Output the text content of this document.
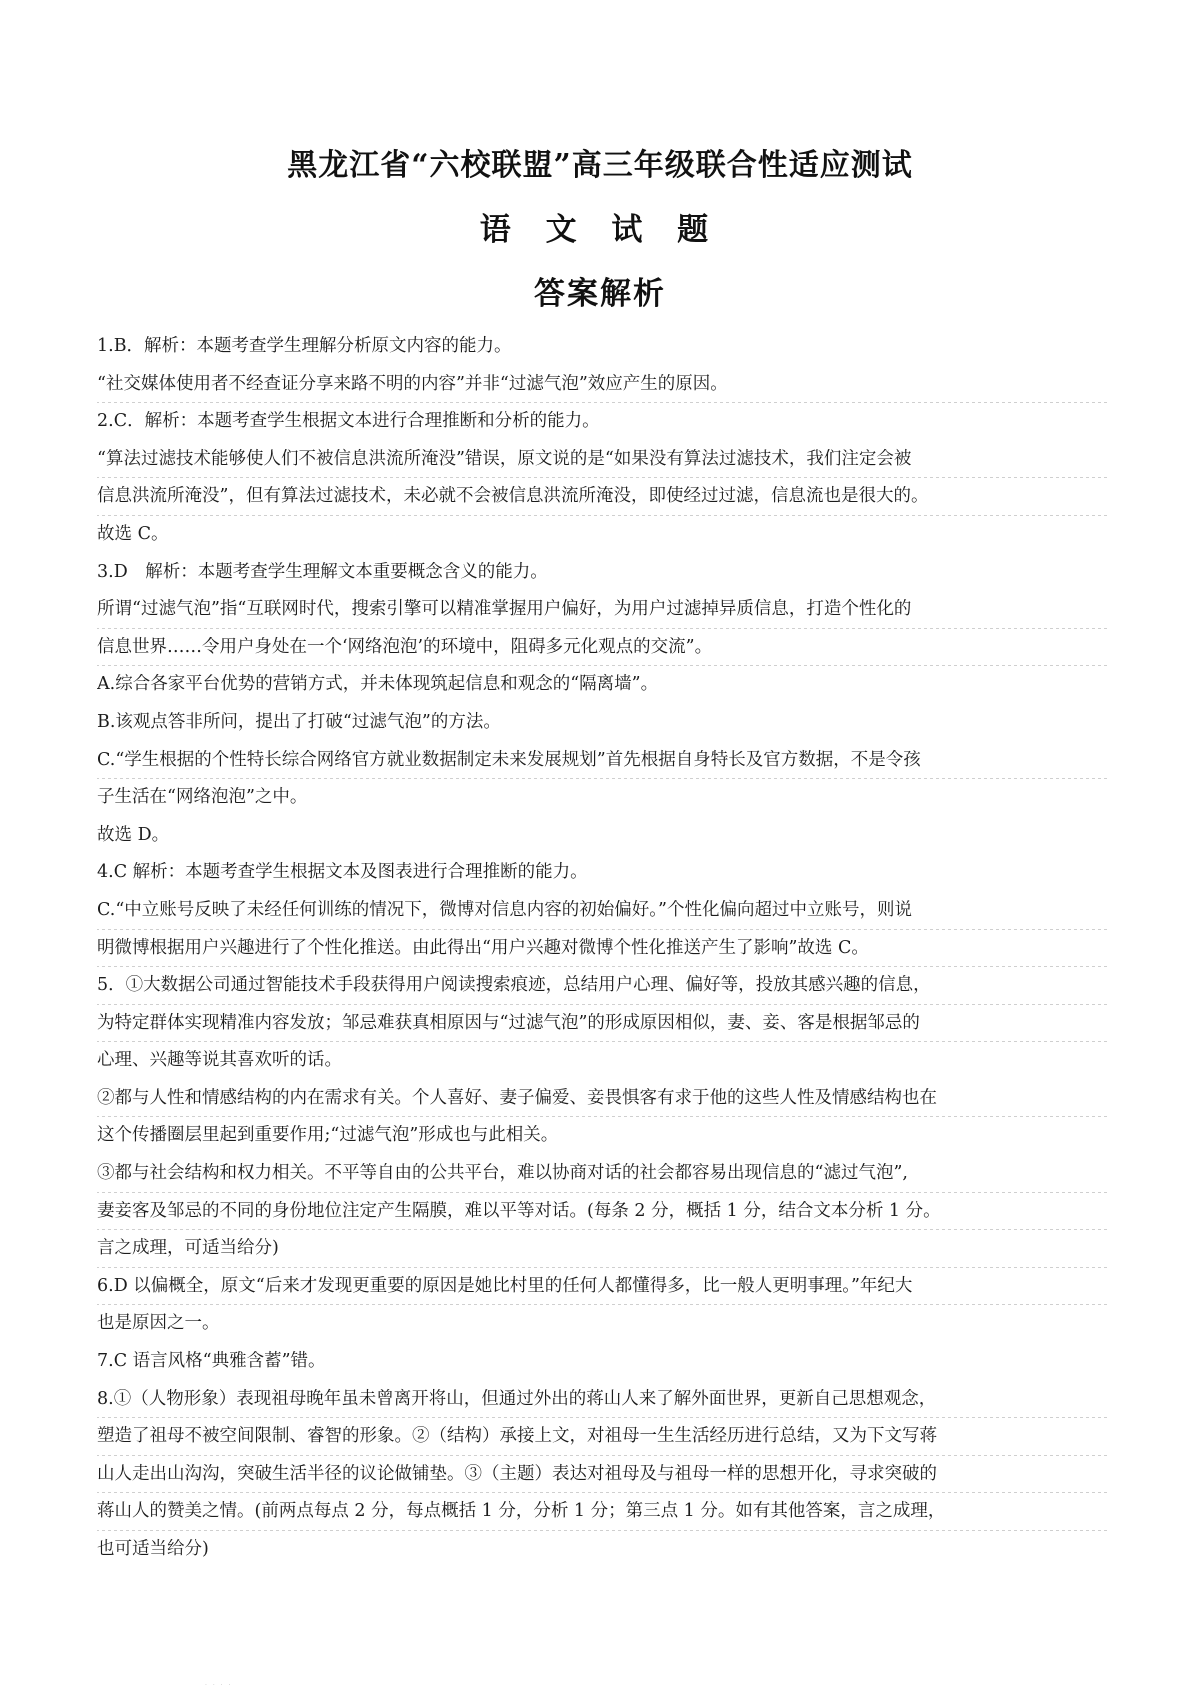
黑龙江省“六校联盟”高三年级联合性适应测试
语 文 试 题
答案解析
1.B．解析：本题考查学生理解分析原文内容的能力。
“社交媒体使用者不经查证分享来路不明的内容”并非“过滤气泡”效应产生的原因。
2.C．解析：本题考查学生根据文本进行合理推断和分析的能力。
“算法过滤技术能够使人们不被信息洪流所淹没”错误，原文说的是“如果没有算法过滤技术，我们注定会被
信息洪流所淹没”，但有算法过滤技术，未必就不会被信息洪流所淹没，即使经过过滤，信息流也是很大的。
故选 C。
3.D　解析：本题考查学生理解文本重要概念含义的能力。
所谓“过滤气泡”指“互联网时代，搜索引擎可以精准掌握用户偏好，为用户过滤掉异质信息，打造个性化的
信息世界……令用户身处在一个‘网络泡泡’的环境中，阻碍多元化观点的交流”。
A.综合各家平台优势的营销方式，并未体现筑起信息和观念的“隔离墙”。
B.该观点答非所问，提出了打破“过滤气泡”的方法。
C.“学生根据的个性特长综合网络官方就业数据制定未来发展规划”首先根据自身特长及官方数据，不是令孩
子生活在“网络泡泡”之中。
故选 D。
4.C 解析：本题考查学生根据文本及图表进行合理推断的能力。
C.“中立账号反映了未经任何训练的情况下，微博对信息内容的初始偏好。”个性化偏向超过中立账号，则说
明微博根据用户兴趣进行了个性化推送。由此得出“用户兴趣对微博个性化推送产生了影响”故选 C。
5．①大数据公司通过智能技术手段获得用户阅读搜索痕迹，总结用户心理、偏好等，投放其感兴趣的信息，
为特定群体实现精准内容发放；邹忌难获真相原因与“过滤气泡”的形成原因相似，妻、妾、客是根据邹忌的
心理、兴趣等说其喜欢听的话。
②都与人性和情感结构的内在需求有关。个人喜好、妻子偏爱、妾畏惧客有求于他的这些人性及情感结构也在
这个传播圈层里起到重要作用;“过滤气泡”形成也与此相关。
③都与社会结构和权力相关。不平等自由的公共平台，难以协商对话的社会都容易出现信息的“滤过气泡”,
妻妾客及邹忌的不同的身份地位注定产生隔膜，难以平等对话。(每条 2 分，概括 1 分，结合文本分析 1 分。
言之成理，可适当给分)
6.D 以偏概全，原文“后来才发现更重要的原因是她比村里的任何人都懂得多，比一般人更明事理。”年纪大
也是原因之一。
7.C 语言风格“典雅含蓄”错。
8.①（人物形象）表现祖母晚年虽未曾离开将山，但通过外出的蒋山人来了解外面世界，更新自己思想观念，
塑造了祖母不被空间限制、睿智的形象。②（结构）承接上文，对祖母一生生活经历进行总结，又为下文写蒋
山人走出山沟沟，突破生活半径的议论做铺垫。③（主题）表达对祖母及与祖母一样的思想开化，寻求突破的
蒋山人的赞美之情。(前两点每点 2 分，每点概括 1 分，分析 1 分；第三点 1 分。如有其他答案，言之成理，
也可适当给分)
· · · ·
